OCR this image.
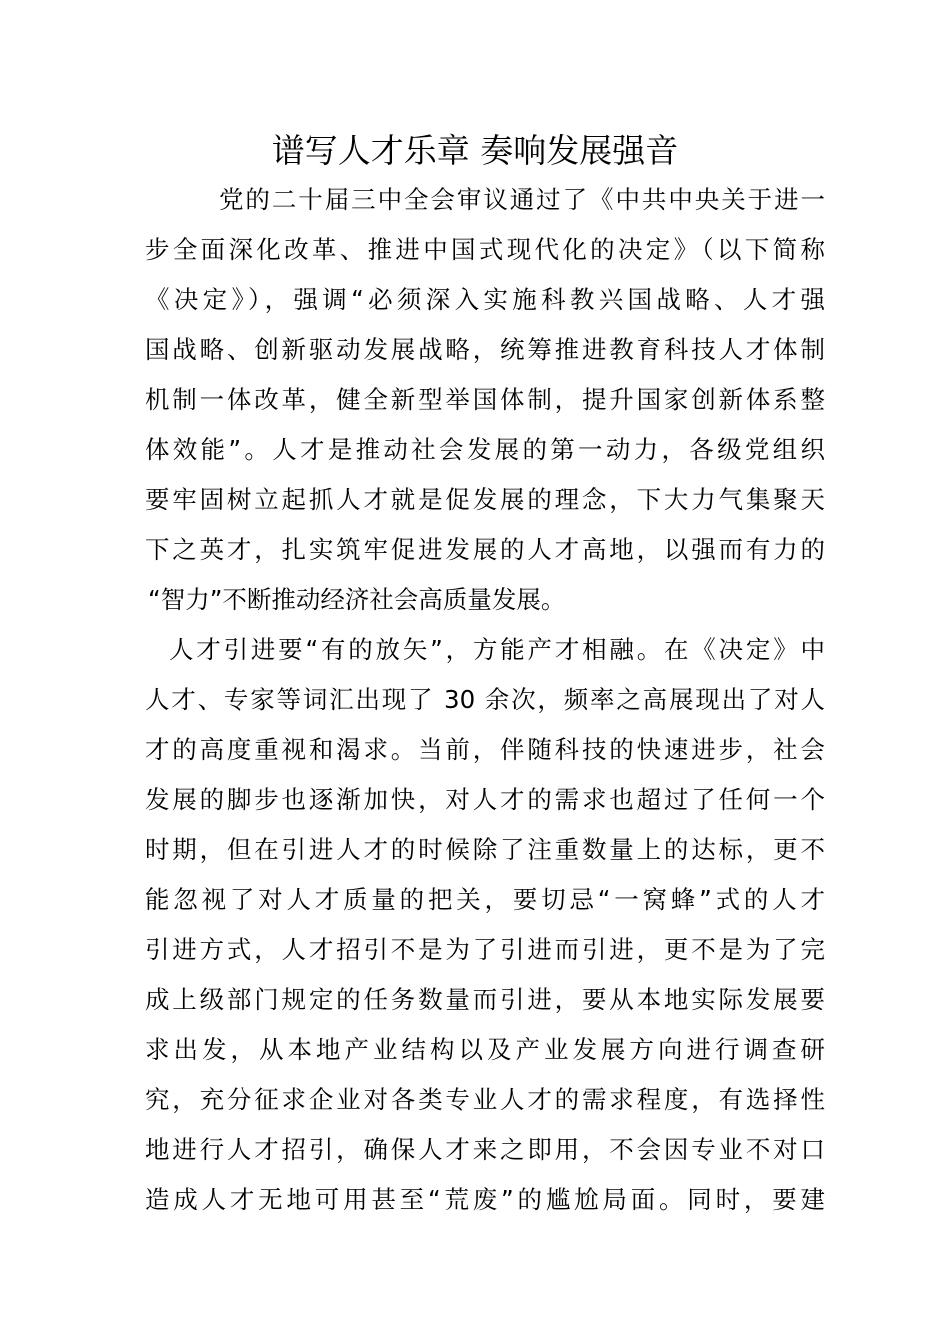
谱写人才乐章 奏响发展强音
党的二十届三中全会审议通过了《中共中央关于进一
步全面深化改革、推进中国式现代化的决定》（以下简称
《决定》），强调“必须深入实施科教兴国战略、人才强
国战略、创新驱动发展战略，统筹推进教育科技人才体制
机制一体改革，健全新型举国体制，提升国家创新体系整
体效能”。人才是推动社会发展的第一动力，各级党组织
要牢固树立起抓人才就是促发展的理念，下大力气集聚天
下之英才，扎实筑牢促进发展的人才高地，以强而有力的
“智力”不断推动经济社会高质量发展。
人才引进要“有的放矢”，方能产才相融。在《决定》中
人才、专家等词汇出现了 30 余次，频率之高展现出了对人
才的高度重视和渴求。当前，伴随科技的快速进步，社会
发展的脚步也逐渐加快，对人才的需求也超过了任何一个
时期，但在引进人才的时候除了注重数量上的达标，更不
能忽视了对人才质量的把关，要切忌“一窝蜂”式的人才
引进方式，人才招引不是为了引进而引进，更不是为了完
成上级部门规定的任务数量而引进，要从本地实际发展要
求出发，从本地产业结构以及产业发展方向进行调查研
究，充分征求企业对各类专业人才的需求程度，有选择性
地进行人才招引，确保人才来之即用，不会因专业不对口
造成人才无地可用甚至“荒废”的尴尬局面。同时，要建
